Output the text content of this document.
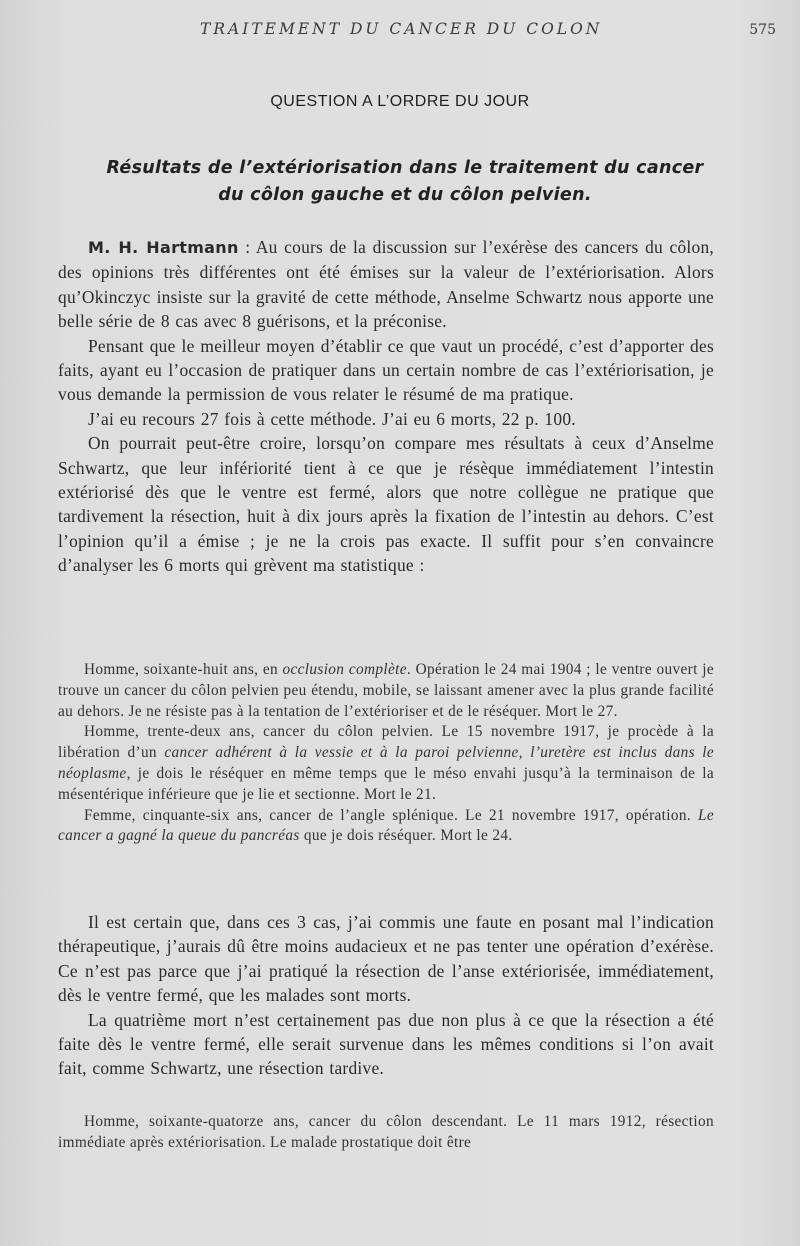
TRAITEMENT DU CANCER DU COLON	575
QUESTION A L’ORDRE DU JOUR
Résultats de l’extériorisation dans le traitement du cancer
du côlon gauche et du côlon pelvien.

M. H. Hartmann : Au cours de la discussion sur l’exérèse des cancers du côlon, des opinions très différentes ont été émises sur la valeur de l’extériorisation. Alors qu’Okinczyc insiste sur la gravité de cette méthode, Anselme Schwartz nous apporte une belle série de 8 cas avec 8 guérisons, et la préconise.

Pensant que le meilleur moyen d’établir ce que vaut un procédé, c’est d’apporter des faits, ayant eu l’occasion de pratiquer dans un certain nombre de cas l’extériorisation, je vous demande la permission de vous relater le résumé de ma pratique.

J’ai eu recours 27 fois à cette méthode. J’ai eu 6 morts, 22 p. 100.

On pourrait peut-être croire, lorsqu’on compare mes résultats à ceux d’Anselme Schwartz, que leur infériorité tient à ce que je résèque immédiatement l’intestin extériorisé dès que le ventre est fermé, alors que notre collègue ne pratique que tardivement la résection, huit à dix jours après la fixation de l’intestin au dehors. C’est l’opinion qu’il a émise ; je ne la crois pas exacte. Il suffit pour s’en convaincre d’analyser les 6 morts qui grèvent ma statistique :

Homme, soixante-huit ans, en occlusion complète. Opération le 24 mai 1904 ; le ventre ouvert je trouve un cancer du côlon pelvien peu étendu, mobile, se laissant amener avec la plus grande facilité au dehors. Je ne résiste pas à la tentation de l’extérioriser et de le réséquer. Mort le 27.

Homme, trente-deux ans, cancer du côlon pelvien. Le 15 novembre 1917, je procède à la libération d’un cancer adhérent à la vessie et à la paroi pelvienne, l’uretère est inclus dans le néoplasme, je dois le réséquer en même temps que le méso envahi jusqu’à la terminaison de la mésentérique inférieure que je lie et sectionne. Mort le 21.

Femme, cinquante-six ans, cancer de l’angle splénique. Le 21 novembre 1917, opération. Le cancer a gagné la queue du pancréas que je dois réséquer. Mort le 24.

Il est certain que, dans ces 3 cas, j’ai commis une faute en posant mal l’indication thérapeutique, j’aurais dû être moins audacieux et ne pas tenter une opération d’exérèse. Ce n’est pas parce que j’ai pratiqué la résection de l’anse extériorisée, immédiatement, dès le ventre fermé, que les malades sont morts.

La quatrième mort n’est certainement pas due non plus à ce que la résection a été faite dès le ventre fermé, elle serait survenue dans les mêmes conditions si l’on avait fait, comme Schwartz, une résection tardive.

Homme, soixante-quatorze ans, cancer du côlon descendant. Le 11 mars 1912, résection immédiate après extériorisation. Le malade prostatique doit être
